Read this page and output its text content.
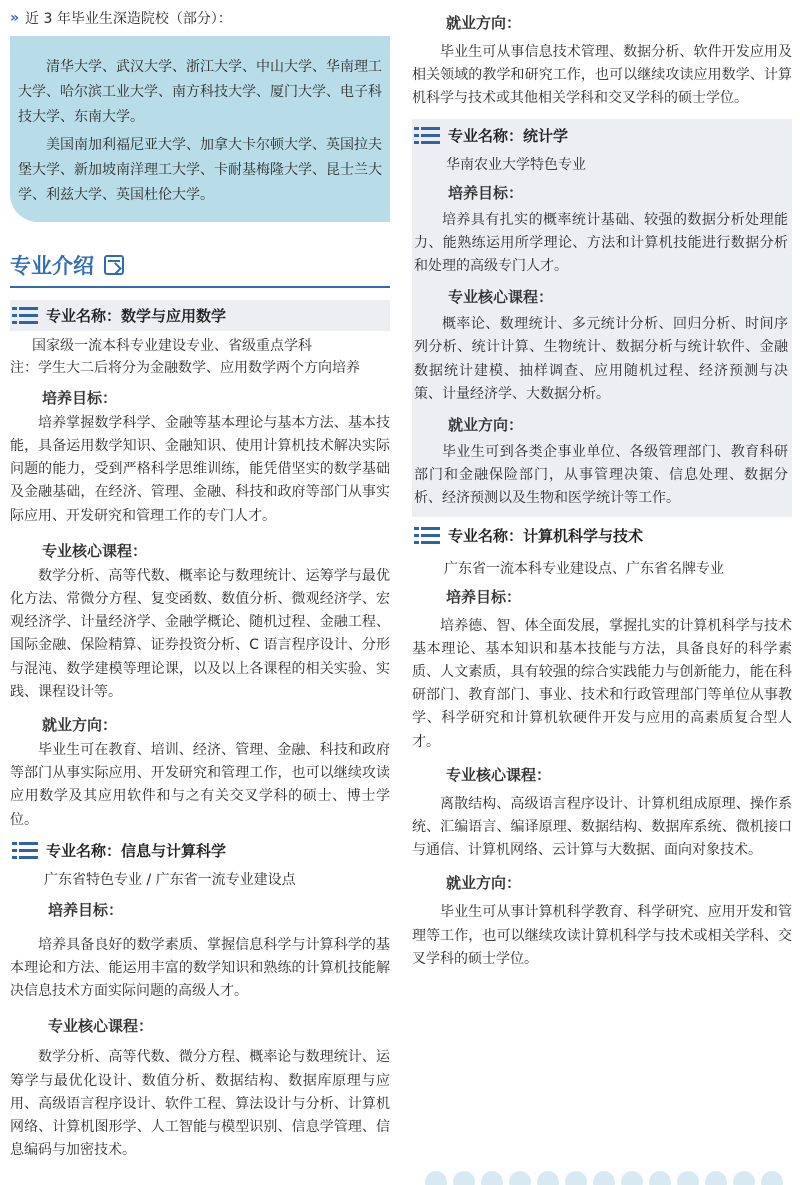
» 近 3 年毕业生深造院校（部分）：

清华大学、武汉大学、浙江大学、中山大学、华南理工大学、哈尔滨工业大学、南方科技大学、厦门大学、电子科技大学、东南大学。

美国南加利福尼亚大学、加拿大卡尔顿大学、英国拉夫堡大学、新加坡南洋理工大学、卡耐基梅隆大学、昆士兰大学、利兹大学、英国杜伦大学。

专业介绍
专业名称：数学与应用数学

国家级一流本科专业建设专业、省级重点学科

注：学生大二后将分为金融数学、应用数学两个方向培养

培养目标：

培养掌握数学科学、金融等基本理论与基本方法、基本技能，具备运用数学知识、金融知识、使用计算机技术解决实际问题的能力，受到严格科学思维训练，能凭借坚实的数学基础及金融基础，在经济、管理、金融、科技和政府等部门从事实际应用、开发研究和管理工作的专门人才。

专业核心课程：

数学分析、高等代数、概率论与数理统计、运筹学与最优化方法、常微分方程、复变函数、数值分析、微观经济学、宏观经济学、计量经济学、金融学概论、随机过程、金融工程、国际金融、保险精算、证券投资分析、C 语言程序设计、分形与混沌、数学建模等理论课，以及以上各课程的相关实验、实践、课程设计等。

就业方向：

毕业生可在教育、培训、经济、管理、金融、科技和政府等部门从事实际应用、开发研究和管理工作，也可以继续攻读应用数学及其应用软件和与之有关交叉学科的硕士、博士学位。

专业名称：信息与计算科学

广东省特色专业 / 广东省一流专业建设点

培养目标：

培养具备良好的数学素质、掌握信息科学与计算科学的基本理论和方法、能运用丰富的数学知识和熟练的计算机技能解决信息技术方面实际问题的高级人才。

专业核心课程：

数学分析、高等代数、微分方程、概率论与数理统计、运筹学与最优化设计、数值分析、数据结构、数据库原理与应用、高级语言程序设计、软件工程、算法设计与分析、计算机网络、计算机图形学、人工智能与模型识别、信息学管理、信息编码与加密技术。

就业方向：

毕业生可从事信息技术管理、数据分析、软件开发应用及相关领域的教学和研究工作，也可以继续攻读应用数学、计算机科学与技术或其他相关学科和交叉学科的硕士学位。

专业名称：统计学

华南农业大学特色专业

培养目标：

培养具有扎实的概率统计基础、较强的数据分析处理能力、能熟练运用所学理论、方法和计算机技能进行数据分析和处理的高级专门人才。

专业核心课程：

概率论、数理统计、多元统计分析、回归分析、时间序列分析、统计计算、生物统计、数据分析与统计软件、金融数据统计建模、抽样调查、应用随机过程、经济预测与决策、计量经济学、大数据分析。

就业方向：

毕业生可到各类企事业单位、各级管理部门、教育科研部门和金融保险部门，从事管理决策、信息处理、数据分析、经济预测以及生物和医学统计等工作。

专业名称：计算机科学与技术

广东省一流本科专业建设点、广东省名牌专业

培养目标：

培养德、智、体全面发展，掌握扎实的计算机科学与技术基本理论、基本知识和基本技能与方法，具备良好的科学素质、人文素质，具有较强的综合实践能力与创新能力，能在科研部门、教育部门、事业、技术和行政管理部门等单位从事教学、科学研究和计算机软硬件开发与应用的高素质复合型人才。

专业核心课程：

离散结构、高级语言程序设计、计算机组成原理、操作系统、汇编语言、编译原理、数据结构、数据库系统、微机接口与通信、计算机网络、云计算与大数据、面向对象技术。

就业方向：

毕业生可从事计算机科学教育、科学研究、应用开发和管理等工作，也可以继续攻读计算机科学与技术或相关学科、交叉学科的硕士学位。
